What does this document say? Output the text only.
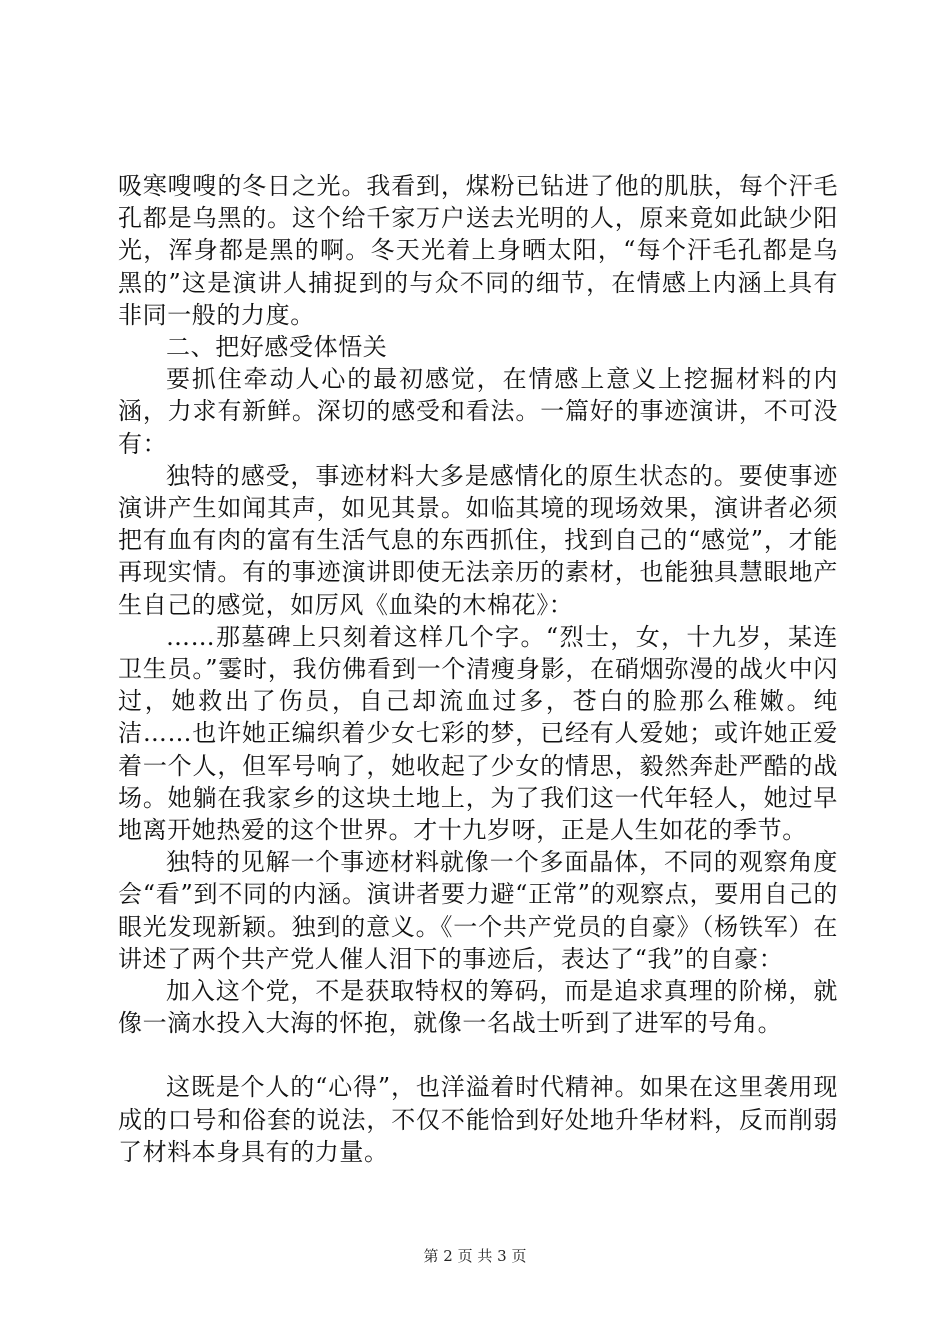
吸寒嗖嗖的冬日之光。我看到，煤粉已钻进了他的肌肤，每个汗毛孔都是乌黑的。这个给千家万户送去光明的人，原来竟如此缺少阳光，浑身都是黑的啊。冬天光着上身晒太阳，“每个汗毛孔都是乌黑的”这是演讲人捕捉到的与众不同的细节，在情感上内涵上具有非同一般的力度。

二、把好感受体悟关

要抓住牵动人心的最初感觉，在情感上意义上挖掘材料的内涵，力求有新鲜。深切的感受和看法。一篇好的事迹演讲，不可没有：

独特的感受，事迹材料大多是感情化的原生状态的。要使事迹演讲产生如闻其声，如见其景。如临其境的现场效果，演讲者必须把有血有肉的富有生活气息的东西抓住，找到自己的“感觉”，才能再现实情。有的事迹演讲即使无法亲历的素材，也能独具慧眼地产生自己的感觉，如厉风《血染的木棉花》：

……那墓碑上只刻着这样几个字。“烈士，女，十九岁，某连卫生员。”霎时，我仿佛看到一个清瘦身影，在硝烟弥漫的战火中闪过，她救出了伤员，自己却流血过多，苍白的脸那么稚嫩。纯洁……也许她正编织着少女七彩的梦，已经有人爱她；或许她正爱着一个人，但军号响了，她收起了少女的情思，毅然奔赴严酷的战场。她躺在我家乡的这块土地上，为了我们这一代年轻人，她过早地离开她热爱的这个世界。才十九岁呀，正是人生如花的季节。

独特的见解一个事迹材料就像一个多面晶体，不同的观察角度会“看”到不同的内涵。演讲者要力避“正常”的观察点，要用自己的眼光发现新颖。独到的意义。《一个共产党员的自豪》（杨铁军）在讲述了两个共产党人催人泪下的事迹后，表达了“我”的自豪：

加入这个党，不是获取特权的筹码，而是追求真理的阶梯，就像一滴水投入大海的怀抱，就像一名战士听到了进军的号角。

这既是个人的“心得”，也洋溢着时代精神。如果在这里袭用现成的口号和俗套的说法，不仅不能恰到好处地升华材料，反而削弱了材料本身具有的力量。

第 2 页 共 3 页
